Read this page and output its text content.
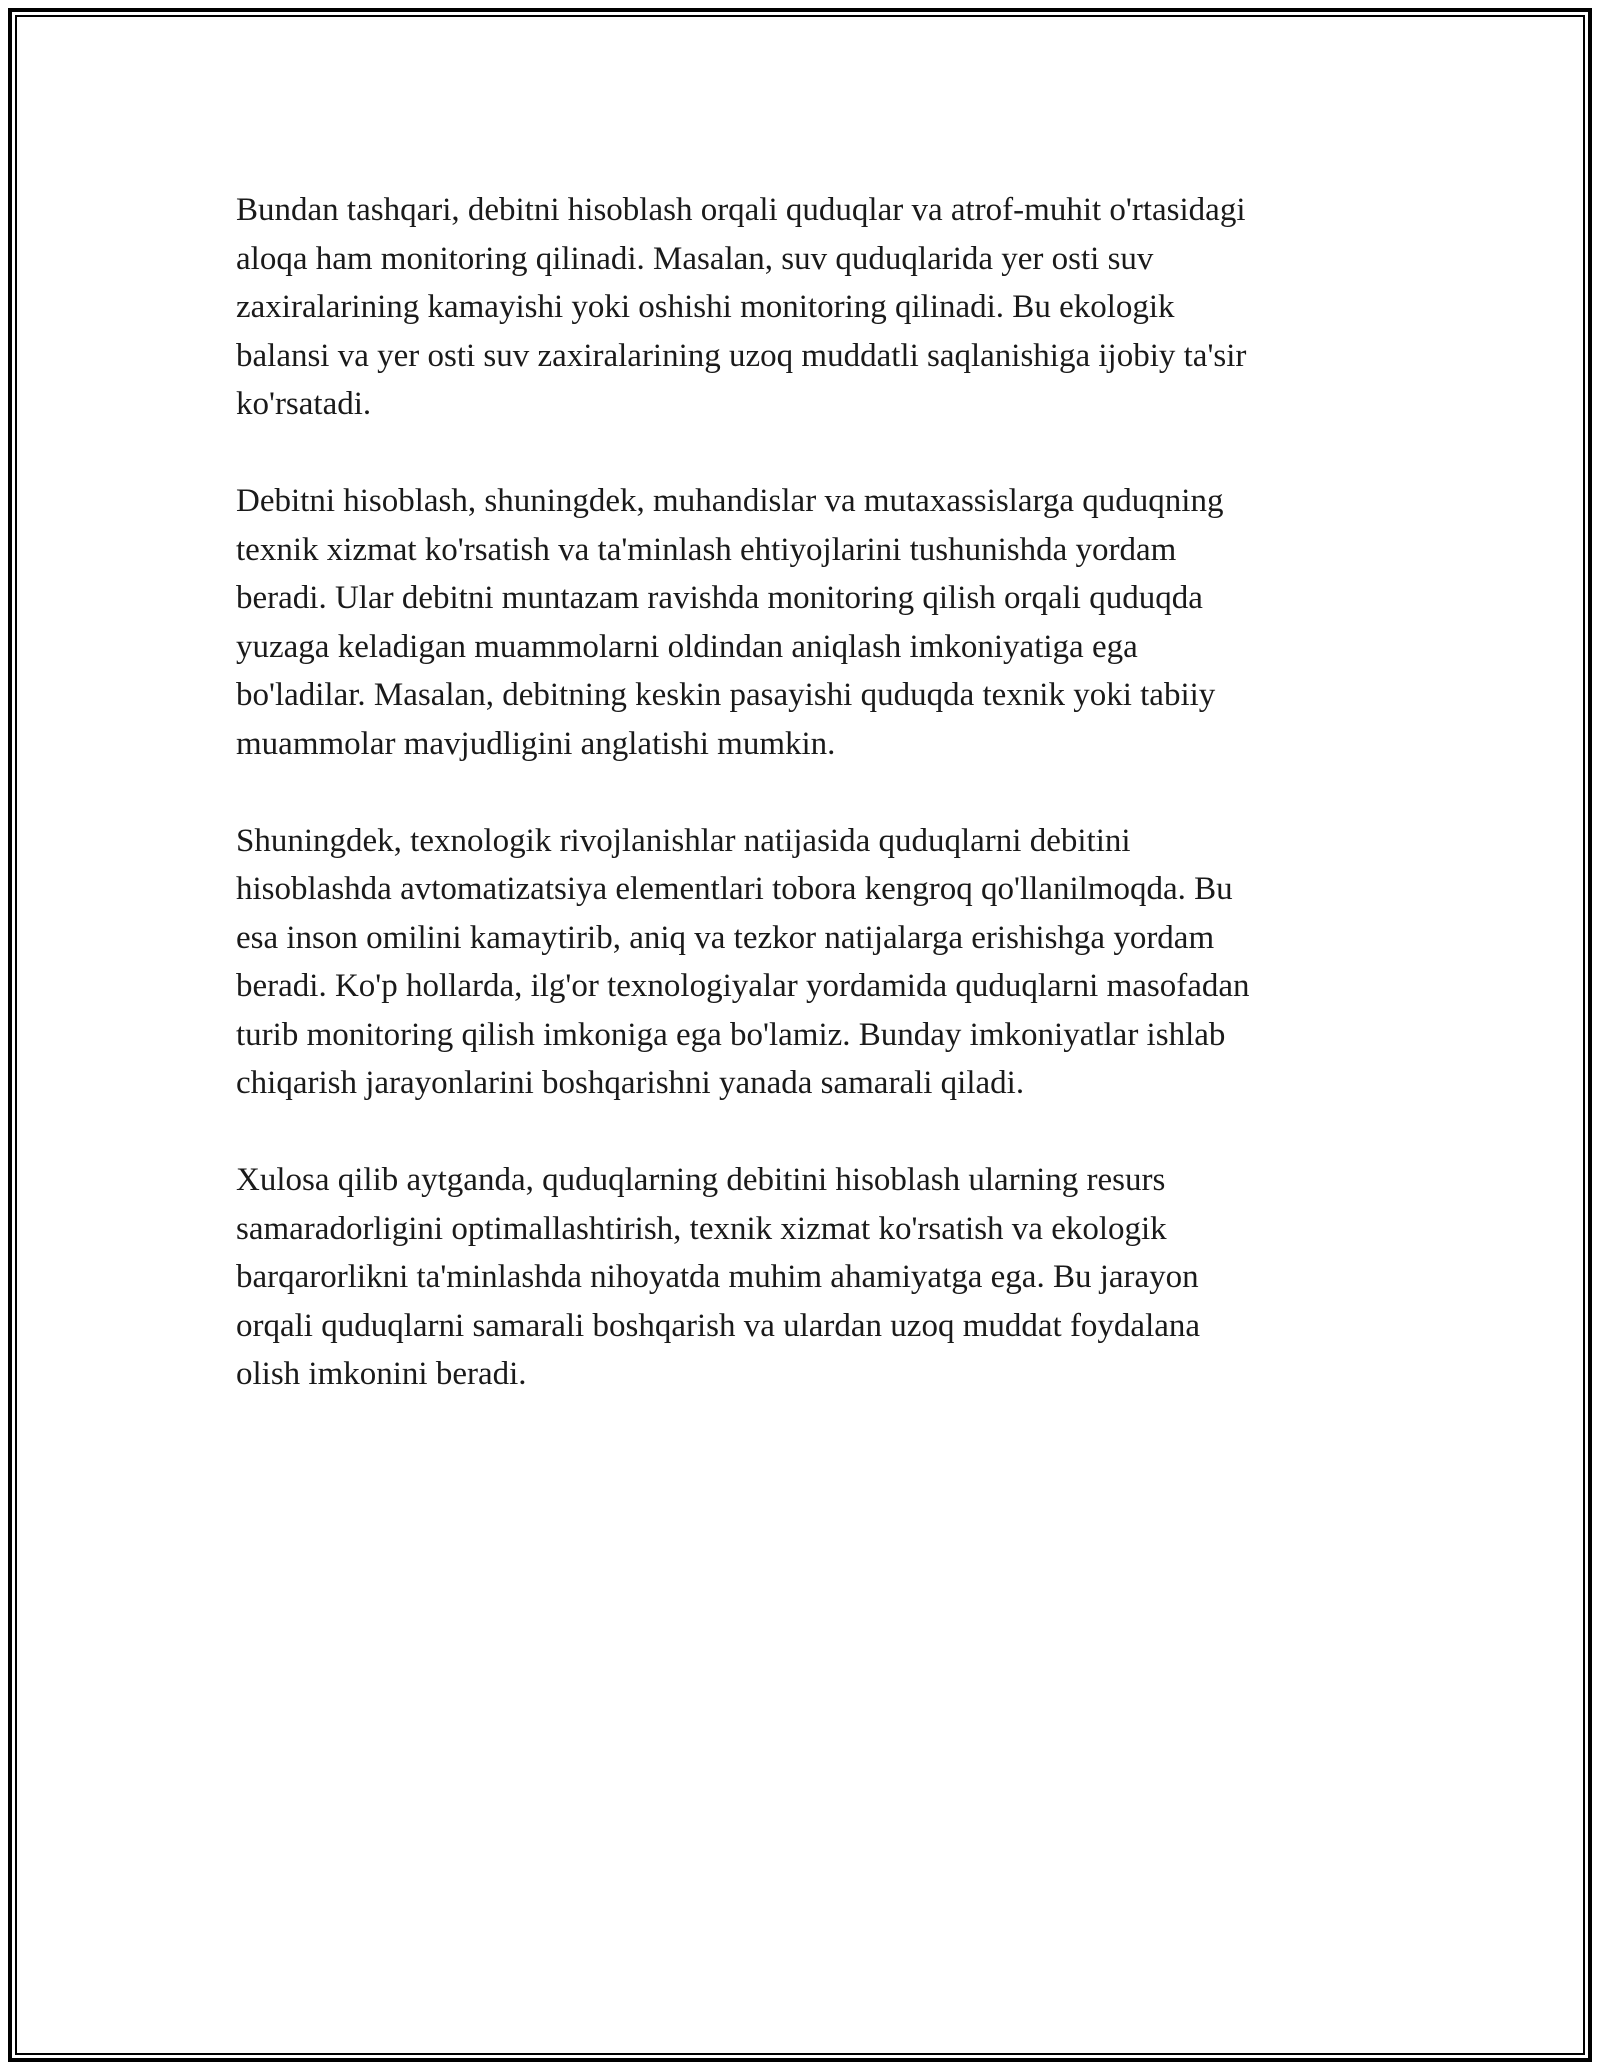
Bundan tashqari, debitni hisoblash orqali quduqlar va atrof-muhit o'rtasidagi
aloqa ham monitoring qilinadi. Masalan, suv quduqlarida yer osti suv
zaxiralarining kamayishi yoki oshishi monitoring qilinadi. Bu ekologik
balansi va yer osti suv zaxiralarining uzoq muddatli saqlanishiga ijobiy ta'sir
ko'rsatadi.
Debitni hisoblash, shuningdek, muhandislar va mutaxassislarga quduqning
texnik xizmat ko'rsatish va ta'minlash ehtiyojlarini tushunishda yordam
beradi. Ular debitni muntazam ravishda monitoring qilish orqali quduqda
yuzaga keladigan muammolarni oldindan aniqlash imkoniyatiga ega
bo'ladilar. Masalan, debitning keskin pasayishi quduqda texnik yoki tabiiy
muammolar mavjudligini anglatishi mumkin.
Shuningdek, texnologik rivojlanishlar natijasida quduqlarni debitini
hisoblashda avtomatizatsiya elementlari tobora kengroq qo'llanilmoqda. Bu
esa inson omilini kamaytirib, aniq va tezkor natijalarga erishishga yordam
beradi. Ko'p hollarda, ilg'or texnologiyalar yordamida quduqlarni masofadan
turib monitoring qilish imkoniga ega bo'lamiz. Bunday imkoniyatlar ishlab
chiqarish jarayonlarini boshqarishni yanada samarali qiladi.
Xulosa qilib aytganda, quduqlarning debitini hisoblash ularning resurs
samaradorligini optimallashtirish, texnik xizmat ko'rsatish va ekologik
barqarorlikni ta'minlashda nihoyatda muhim ahamiyatga ega. Bu jarayon
orqali quduqlarni samarali boshqarish va ulardan uzoq muddat foydalana
olish imkonini beradi.
